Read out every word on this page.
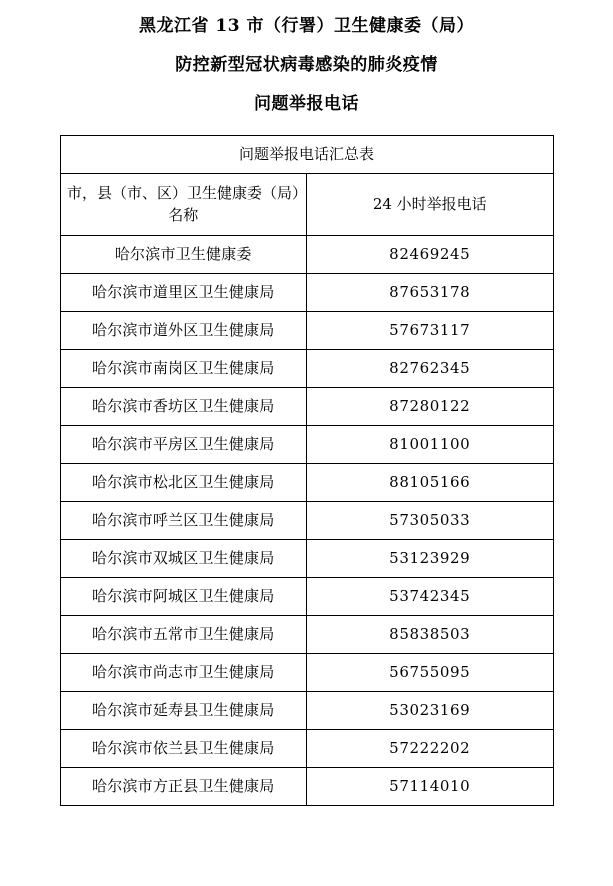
黑龙江省 13 市（行署）卫生健康委（局）
防控新型冠状病毒感染的肺炎疫情
问题举报电话
问题举报电话汇总表	
市，县（市、区）卫生健康委（局）名称	24 小时举报电话
哈尔滨市卫生健康委	82469245
哈尔滨市道里区卫生健康局	87653178
哈尔滨市道外区卫生健康局	57673117
哈尔滨市南岗区卫生健康局	82762345
哈尔滨市香坊区卫生健康局	87280122
哈尔滨市平房区卫生健康局	81001100
哈尔滨市松北区卫生健康局	88105166
哈尔滨市呼兰区卫生健康局	57305033
哈尔滨市双城区卫生健康局	53123929
哈尔滨市阿城区卫生健康局	53742345
哈尔滨市五常市卫生健康局	85838503
哈尔滨市尚志市卫生健康局	56755095
哈尔滨市延寿县卫生健康局	53023169
哈尔滨市依兰县卫生健康局	57222202
哈尔滨市方正县卫生健康局	57114010
